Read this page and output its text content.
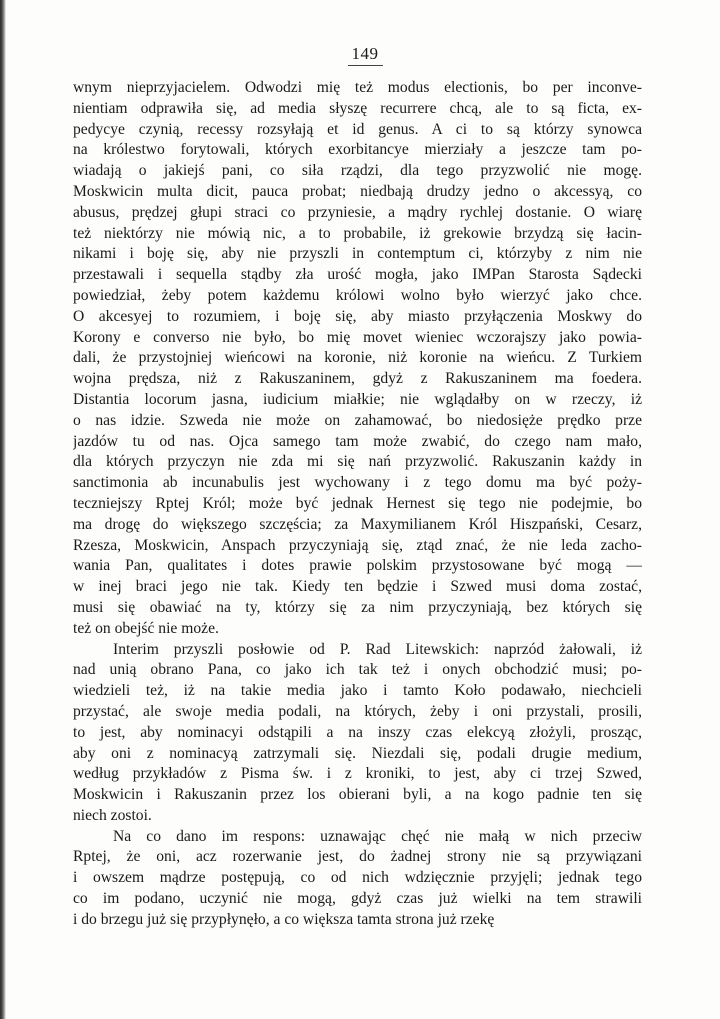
149
wnym nieprzyjacielem. Odwodzi mię też modus electionis, bo per inconve-
nientiam odprawiła się, ad media słyszę recurrere chcą, ale to są ficta, ex-
pedycye czynią, recessy rozsyłają et id genus. A ci to są którzy synowca
na królestwo forytowali, których exorbitancye mierziały a jeszcze tam po-
wiadają o jakiejś pani, co siła rządzi, dla tego przyzwolić nie mogę.
Moskwicin multa dicit, pauca probat; niedbają drudzy jedno o akcessyą, co
abusus, prędzej głupi straci co przyniesie, a mądry rychlej dostanie. O wiarę
też niektórzy nie mówią nic, a to probabile, iż grekowie brzydzą się łacin-
nikami i boję się, aby nie przyszli in contemptum ci, którzyby z nim nie
przestawali i sequella stądby zła urość mogła, jako IMPan Starosta Sądecki
powiedział, żeby potem każdemu królowi wolno było wierzyć jako chce.
O akcesyej to rozumiem, i boję się, aby miasto przyłączenia Moskwy do
Korony e converso nie było, bo mię movet wieniec wczorajszy jako powia-
dali, że przystojniej wieńcowi na koronie, niż koronie na wieńcu. Z Turkiem
wojna prędsza, niż z Rakuszaninem, gdyż z Rakuszaninem ma foedera.
Distantia locorum jasna, iudicium miałkie; nie wglądałby on w rzeczy, iż
o nas idzie. Szweda nie może on zahamować, bo niedosięże prędko prze
jazdów tu od nas. Ojca samego tam może zwabić, do czego nam mało,
dla których przyczyn nie zda mi się nań przyzwolić. Rakuszanin każdy in
sanctimonia ab incunabulis jest wychowany i z tego domu ma być poży-
teczniejszy Rptej Król; może być jednak Hernest się tego nie podejmie, bo
ma drogę do większego szczęścia; za Maxymilianem Król Hiszpański, Cesarz,
Rzesza, Moskwicin, Anspach przyczyniają się, ztąd znać, że nie leda zacho-
wania Pan, qualitates i dotes prawie polskim przystosowane być mogą —
w inej braci jego nie tak. Kiedy ten będzie i Szwed musi doma zostać,
musi się obawiać na ty, którzy się za nim przyczyniają, bez których się
też on obejść nie może.
Interim przyszli posłowie od P. Rad Litewskich: naprzód żałowali, iż
nad unią obrano Pana, co jako ich tak też i onych obchodzić musi; po-
wiedzieli też, iż na takie media jako i tamto Koło podawało, niechcieli
przystać, ale swoje media podali, na których, żeby i oni przystali, prosili,
to jest, aby nominacyi odstąpili a na inszy czas elekcyą złożyli, prosząc,
aby oni z nominacyą zatrzymali się. Niezdali się, podali drugie medium,
według przykładów z Pisma św. i z kroniki, to jest, aby ci trzej Szwed,
Moskwicin i Rakuszanin przez los obierani byli, a na kogo padnie ten się
niech zostoi.
Na co dano im respons: uznawając chęć nie małą w nich przeciw
Rptej, że oni, acz rozerwanie jest, do żadnej strony nie są przywiązani
i owszem mądrze postępują, co od nich wdzięcznie przyjęli; jednak tego
co im podano, uczynić nie mogą, gdyż czas już wielki na tem strawili
i do brzegu już się przypłynęło, a co większa tamta strona już rzekę
